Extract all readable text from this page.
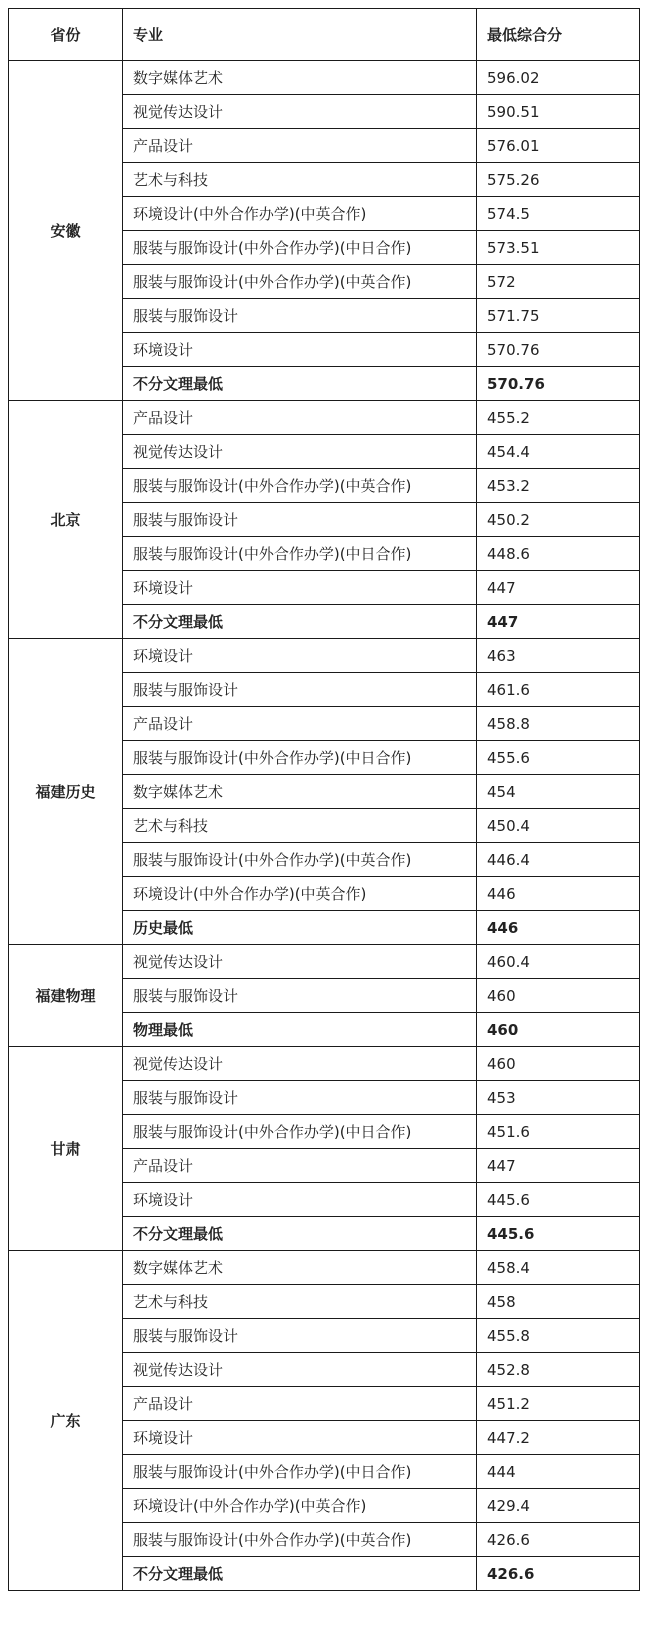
省份	专业	最低综合分
安徽	数字媒体艺术	596.02
	视觉传达设计	590.51
	产品设计	576.01
	艺术与科技	575.26
	环境设计(中外合作办学)(中英合作)	574.5
	服装与服饰设计(中外合作办学)(中日合作)	573.51
	服装与服饰设计(中外合作办学)(中英合作)	572
	服装与服饰设计	571.75
	环境设计	570.76
	不分文理最低	570.76
北京	产品设计	455.2
	视觉传达设计	454.4
	服装与服饰设计(中外合作办学)(中英合作)	453.2
	服装与服饰设计	450.2
	服装与服饰设计(中外合作办学)(中日合作)	448.6
	环境设计	447
	不分文理最低	447
福建历史	环境设计	463
	服装与服饰设计	461.6
	产品设计	458.8
	服装与服饰设计(中外合作办学)(中日合作)	455.6
	数字媒体艺术	454
	艺术与科技	450.4
	服装与服饰设计(中外合作办学)(中英合作)	446.4
	环境设计(中外合作办学)(中英合作)	446
	历史最低	446
福建物理	视觉传达设计	460.4
	服装与服饰设计	460
	物理最低	460
甘肃	视觉传达设计	460
	服装与服饰设计	453
	服装与服饰设计(中外合作办学)(中日合作)	451.6
	产品设计	447
	环境设计	445.6
	不分文理最低	445.6
广东	数字媒体艺术	458.4
	艺术与科技	458
	服装与服饰设计	455.8
	视觉传达设计	452.8
	产品设计	451.2
	环境设计	447.2
	服装与服饰设计(中外合作办学)(中日合作)	444
	环境设计(中外合作办学)(中英合作)	429.4
	服装与服饰设计(中外合作办学)(中英合作)	426.6
	不分文理最低	426.6
